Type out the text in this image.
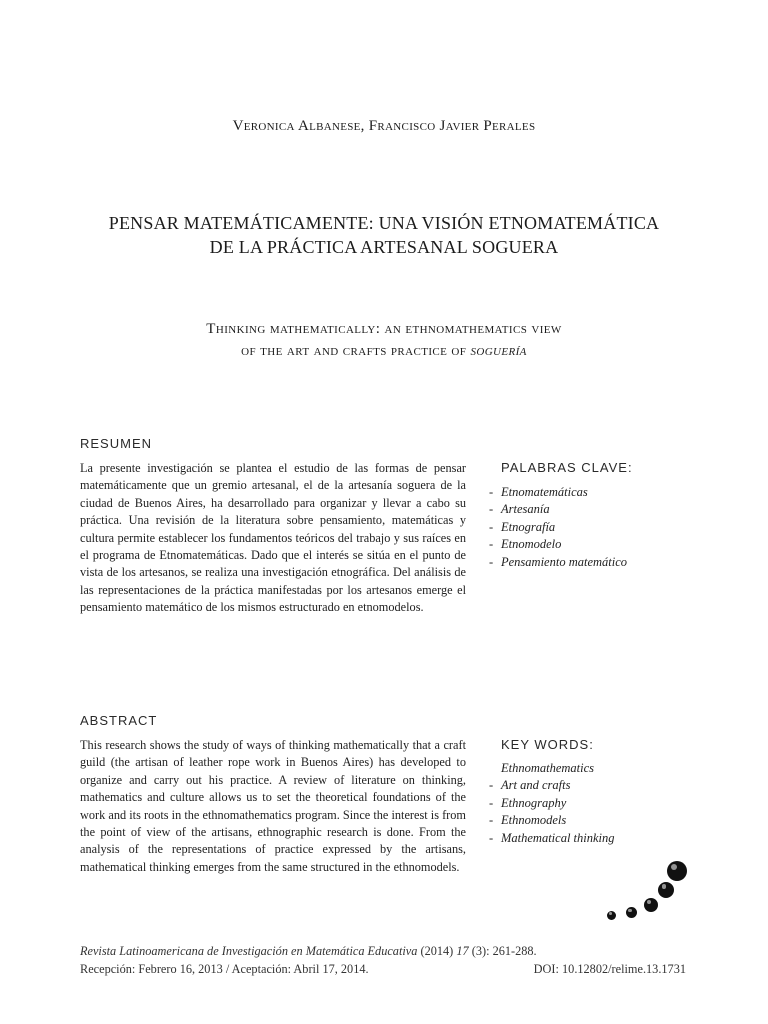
Veronica Albanese, Francisco Javier Perales
PENSAR MATEMÁTICAMENTE: UNA VISIÓN ETNOMATEMÁTICA
DE LA PRÁCTICA ARTESANAL SOGUERA
Thinking mathematically: an ethnomathematics view
of the art and crafts practice of soguería
RESUMEN
La presente investigación se plantea el estudio de las formas de pensar matemáticamente que un gremio artesanal, el de la artesanía soguera de la ciudad de Buenos Aires, ha desarrollado para organizar y llevar a cabo su práctica. Una revisión de la literatura sobre pensamiento, matemáticas y cultura permite establecer los fundamentos teóricos del trabajo y sus raíces en el programa de Etnomatemáticas. Dado que el interés se sitúa en el punto de vista de los artesanos, se realiza una investigación etnográfica. Del análisis de las representaciones de la práctica manifestadas por los artesanos emerge el pensamiento matemático de los mismos estructurado en etnomodelos.
PALABRAS CLAVE:
- Etnomatemáticas
- Artesanía
- Etnografía
- Etnomodelo
- Pensamiento matemático
ABSTRACT
This research shows the study of ways of thinking mathematically that a craft guild (the artisan of leather rope work in Buenos Aires) has developed to organize and carry out his practice. A review of literature on thinking, mathematics and culture allows us to set the theoretical foundations of the work and its roots in the ethnomathematics program. Since the interest is from the point of view of the artisans, ethnographic research is done. From the analysis of the representations of practice expressed by the artisans, mathematical thinking emerges from the same structured in the ethnomodels.
KEY WORDS:
Ethnomathematics
- Art and crafts
- Ethnography
- Ethnomodels
- Mathematical thinking
Revista Latinoamericana de Investigación en Matemática Educativa (2014) 17 (3): 261-288.
Recepción: Febrero 16, 2013 / Aceptación: Abril 17, 2014.	DOI: 10.12802/relime.13.1731
